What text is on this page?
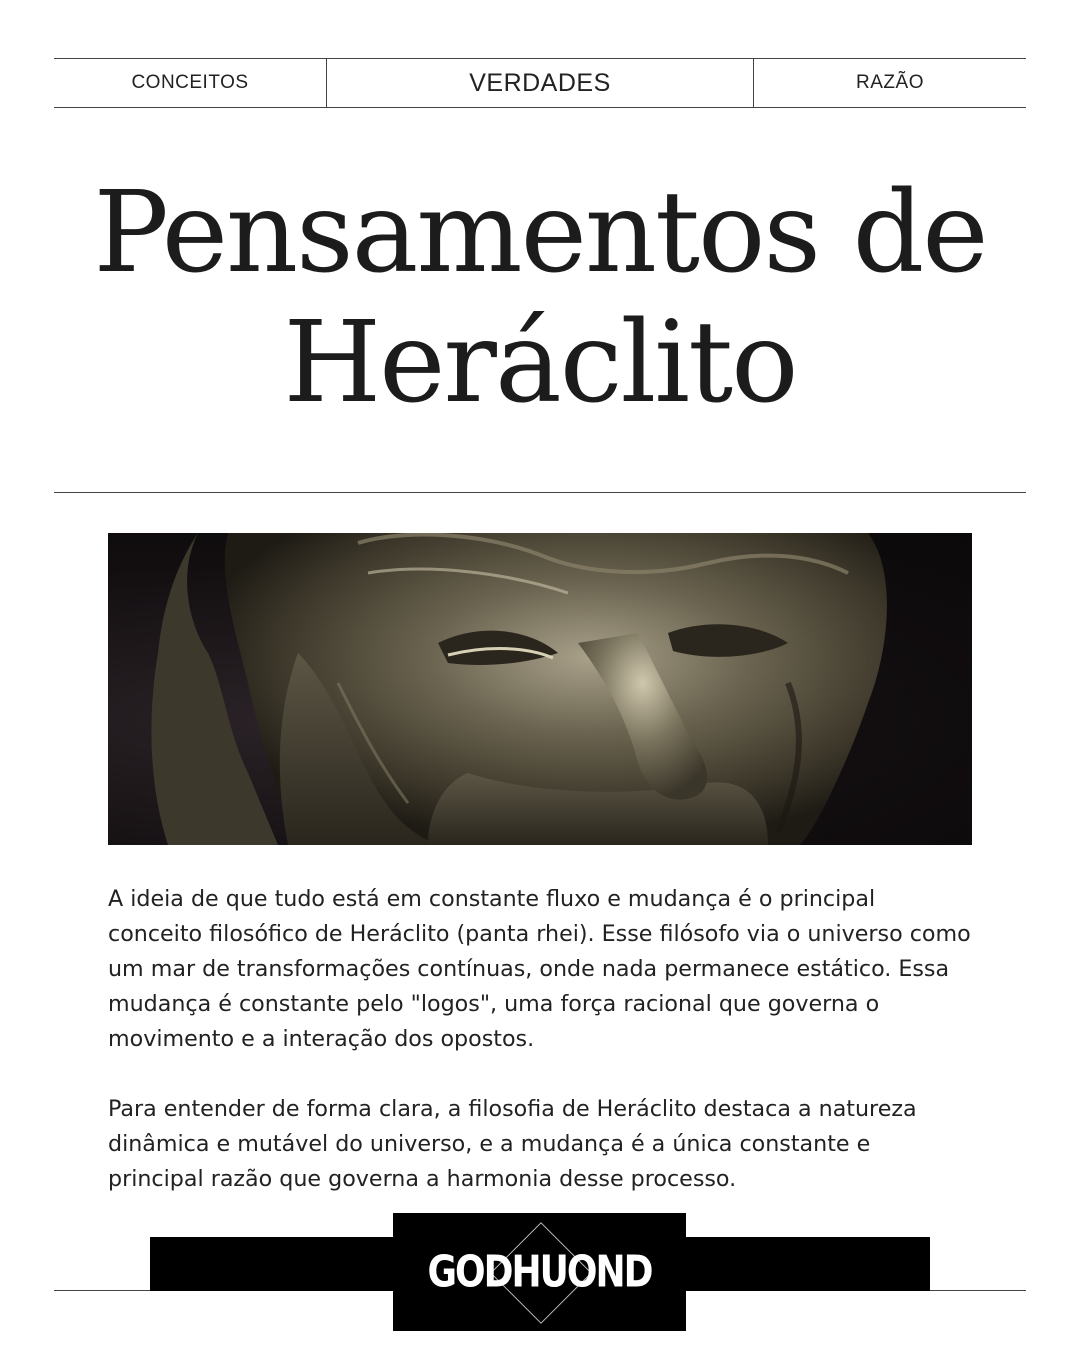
CONCEITOS	VERDADES	RAZÃO
Pensamentos de
Heráclito

A ideia de que tudo está em constante fluxo e mudança é o principal conceito filosófico de Heráclito (panta rhei). Esse filósofo via o universo como um mar de transformações contínuas, onde nada permanece estático. Essa mudança é constante pelo "logos", uma força racional que governa o movimento e a interação dos opostos.

Para entender de forma clara, a filosofia de Heráclito destaca a natureza dinâmica e mutável do universo, e a mudança é a única constante e principal razão que governa a harmonia desse processo.

GODHUOND
